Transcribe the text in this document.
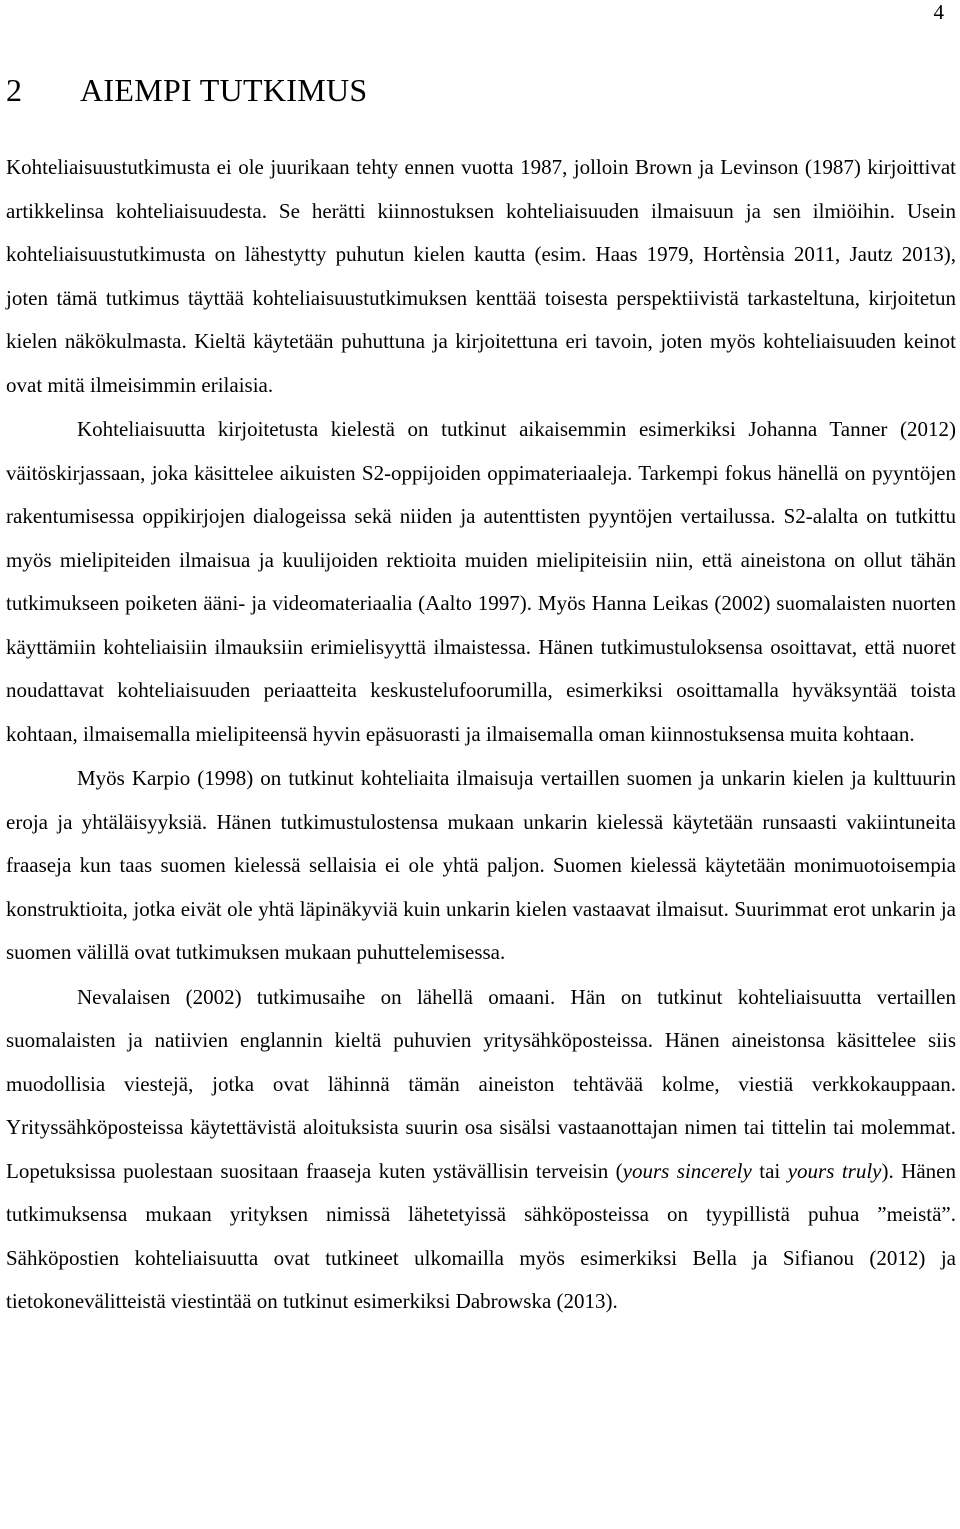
4
2 AIEMPI TUTKIMUS

Kohteliaisuustutkimusta ei ole juurikaan tehty ennen vuotta 1987, jolloin Brown ja Levinson (1987) kirjoittivat artikkelinsa kohteliaisuudesta. Se herätti kiinnostuksen kohteliaisuuden ilmaisuun ja sen ilmiöihin. Usein kohteliaisuustutkimusta on lähestytty puhutun kielen kautta (esim. Haas 1979, Hortènsia 2011, Jautz 2013), joten tämä tutkimus täyttää kohteliaisuustutkimuksen kenttää toisesta perspektiivistä tarkasteltuna, kirjoitetun kielen näkökulmasta. Kieltä käytetään puhuttuna ja kirjoitettuna eri tavoin, joten myös kohteliaisuuden keinot ovat mitä ilmeisimmin erilaisia.

Kohteliaisuutta kirjoitetusta kielestä on tutkinut aikaisemmin esimerkiksi Johanna Tanner (2012) väitöskirjassaan, joka käsittelee aikuisten S2-oppijoiden oppimateriaaleja. Tarkempi fokus hänellä on pyyntöjen rakentumisessa oppikirjojen dialogeissa sekä niiden ja autenttisten pyyntöjen vertailussa. S2-alalta on tutkittu myös mielipiteiden ilmaisua ja kuulijoiden rektioita muiden mielipiteisiin niin, että aineistona on ollut tähän tutkimukseen poiketen ääni- ja videomateriaalia (Aalto 1997). Myös Hanna Leikas (2002) suomalaisten nuorten käyttämiin kohteliaisiin ilmauksiin erimielisyyttä ilmaistessa. Hänen tutkimustuloksensa osoittavat, että nuoret noudattavat kohteliaisuuden periaatteita keskustelufoorumilla, esimerkiksi osoittamalla hyväksyntää toista kohtaan, ilmaisemalla mielipiteensä hyvin epäsuorasti ja ilmaisemalla oman kiinnostuksensa muita kohtaan.

Myös Karpio (1998) on tutkinut kohteliaita ilmaisuja vertaillen suomen ja unkarin kielen ja kulttuurin eroja ja yhtäläisyyksiä. Hänen tutkimustulostensa mukaan unkarin kielessä käytetään runsaasti vakiintuneita fraaseja kun taas suomen kielessä sellaisia ei ole yhtä paljon. Suomen kielessä käytetään monimuotoisempia konstruktioita, jotka eivät ole yhtä läpinäkyviä kuin unkarin kielen vastaavat ilmaisut. Suurimmat erot unkarin ja suomen välillä ovat tutkimuksen mukaan puhuttelemisessa.

Nevalaisen (2002) tutkimusaihe on lähellä omaani. Hän on tutkinut kohteliaisuutta vertaillen suomalaisten ja natiivien englannin kieltä puhuvien yritysähköposteissa. Hänen aineistonsa käsittelee siis muodollisia viestejä, jotka ovat lähinnä tämän aineiston tehtävää kolme, viestiä verkkokauppaan. Yrityssähköposteissa käytettävistä aloituksista suurin osa sisälsi vastaanottajan nimen tai tittelin tai molemmat. Lopetuksissa puolestaan suositaan fraaseja kuten ystävällisin terveisin (yours sincerely tai yours truly). Hänen tutkimuksensa mukaan yrityksen nimissä lähetetyissä sähköposteissa on tyypillistä puhua ”meistä”. Sähköpostien kohteliaisuutta ovat tutkineet ulkomailla myös esimerkiksi Bella ja Sifianou (2012) ja tietokonevälitteistä viestintää on tutkinut esimerkiksi Dabrowska (2013).
